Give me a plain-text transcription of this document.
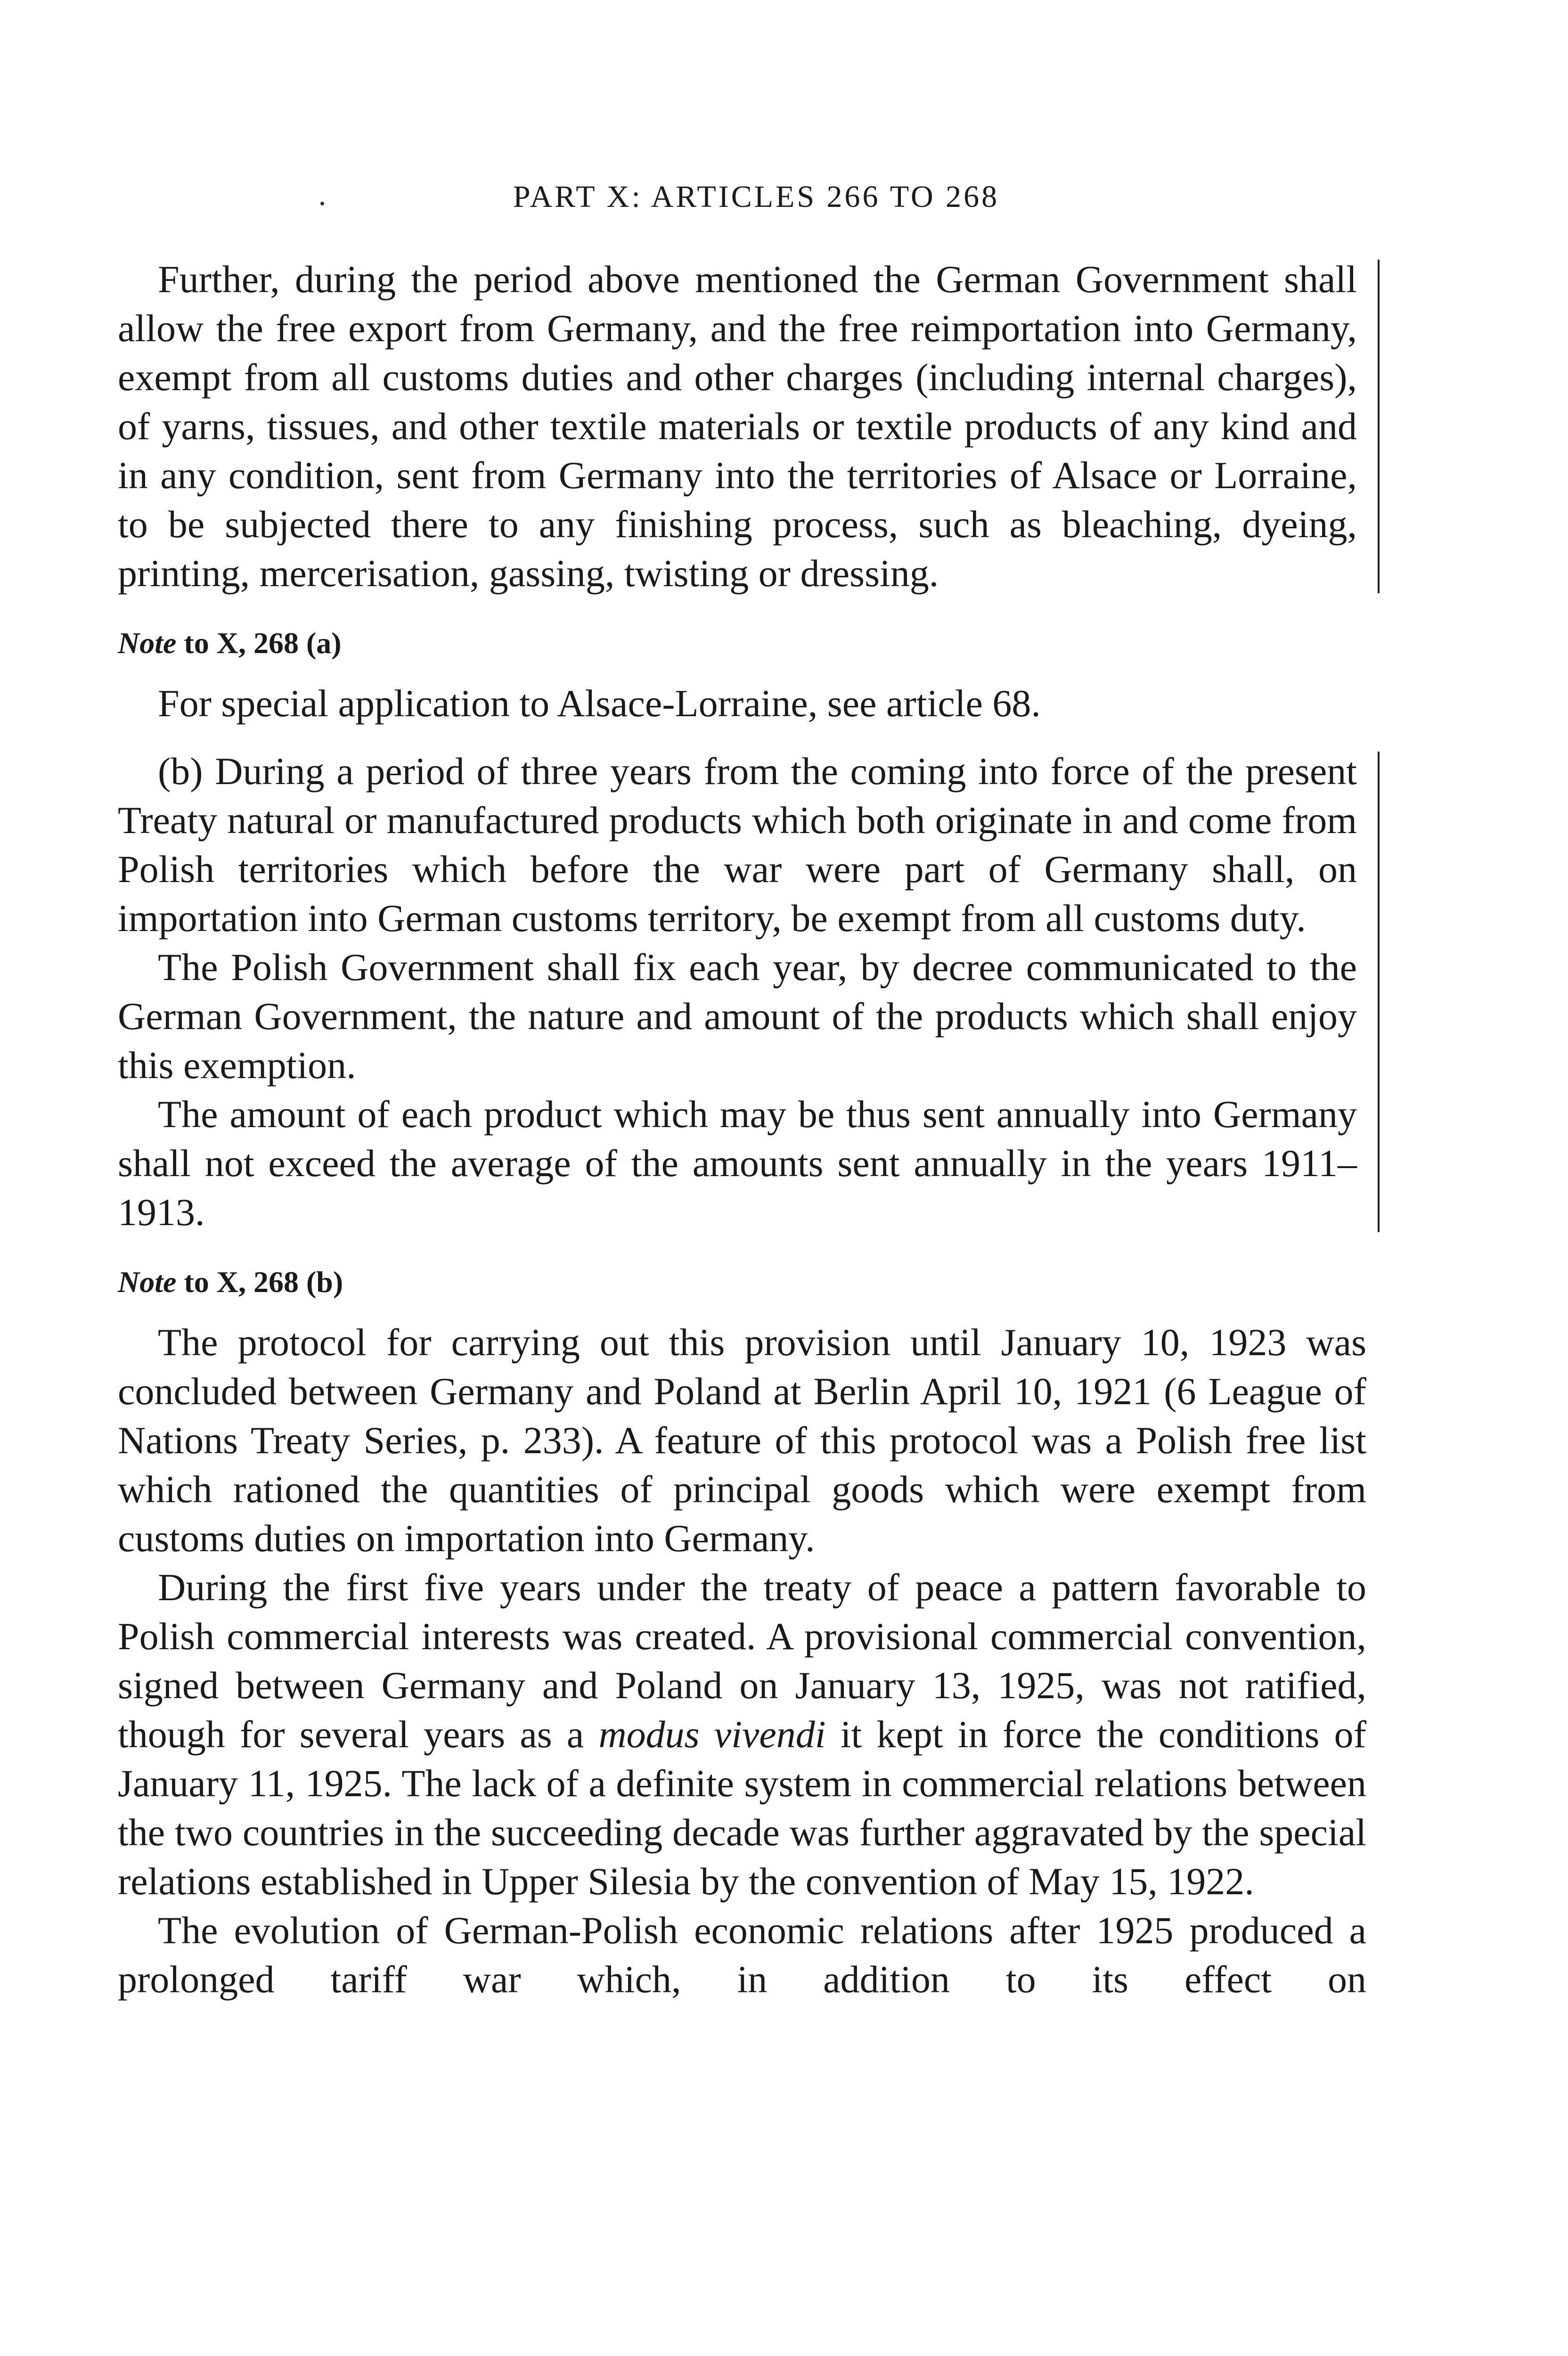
PART X: ARTICLES 266 TO 268

Further, during the period above mentioned the German Government shall allow the free export from Germany, and the free reimportation into Germany, exempt from all customs duties and other charges (including internal charges), of yarns, tissues, and other textile materials or textile products of any kind and in any condition, sent from Germany into the territories of Alsace or Lorraine, to be subjected there to any finishing process, such as bleaching, dyeing, printing, mercerisation, gassing, twisting or dressing.

Note to X, 268 (a)

For special application to Alsace-Lorraine, see article 68.

(b) During a period of three years from the coming into force of the present Treaty natural or manufactured products which both originate in and come from Polish territories which before the war were part of Germany shall, on importation into German customs territory, be exempt from all customs duty.

The Polish Government shall fix each year, by decree communicated to the German Government, the nature and amount of the products which shall enjoy this exemption.

The amount of each product which may be thus sent annually into Germany shall not exceed the average of the amounts sent annually in the years 1911–1913.

Note to X, 268 (b)

The protocol for carrying out this provision until January 10, 1923 was concluded between Germany and Poland at Berlin April 10, 1921 (6 League of Nations Treaty Series, p. 233). A feature of this protocol was a Polish free list which rationed the quantities of principal goods which were exempt from customs duties on importation into Germany.

During the first five years under the treaty of peace a pattern favorable to Polish commercial interests was created. A provisional commercial convention, signed between Germany and Poland on January 13, 1925, was not ratified, though for several years as a modus vivendi it kept in force the conditions of January 11, 1925. The lack of a definite system in commercial relations between the two countries in the succeeding decade was further aggravated by the special relations established in Upper Silesia by the convention of May 15, 1922.

The evolution of German-Polish economic relations after 1925 produced a prolonged tariff war which, in addition to its effect on
